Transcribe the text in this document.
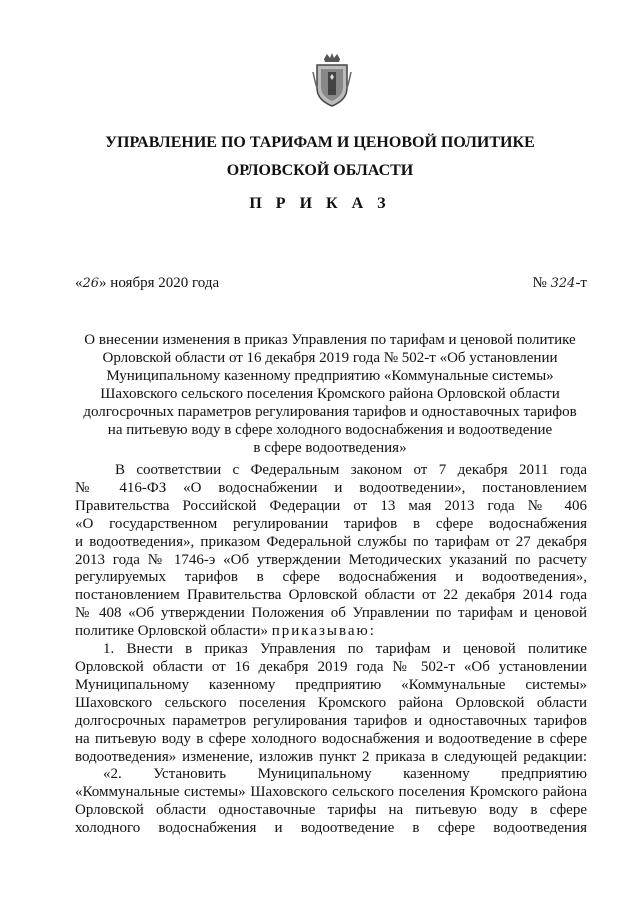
УПРАВЛЕНИЕ ПО ТАРИФАМ И ЦЕНОВОЙ ПОЛИТИКЕ
ОРЛОВСКОЙ ОБЛАСТИ
П Р И К А З
«26» ноября 2020 года	№ 324-т
О внесении изменения в приказ Управления по тарифам и ценовой политике
Орловской области от 16 декабря 2019 года № 502-т «Об установлении
Муниципальному казенному предприятию «Коммунальные системы»
Шаховского сельского поселения Кромского района Орловской области
долгосрочных параметров регулирования тарифов и одноставочных тарифов
на питьевую воду в сфере холодного водоснабжения и водоотведение
в сфере водоотведения»
В соответствии с Федеральным законом от 7 декабря 2011 года
№ 416-ФЗ «О водоснабжении и водоотведении», постановлением
Правительства Российской Федерации от 13 мая 2013 года № 406
«О государственном регулировании тарифов в сфере водоснабжения
и водоотведения», приказом Федеральной службы по тарифам от 27 декабря
2013 года № 1746-э «Об утверждении Методических указаний по расчету
регулируемых тарифов в сфере водоснабжения и водоотведения»,
постановлением Правительства Орловской области от 22 декабря 2014 года
№ 408 «Об утверждении Положения об Управлении по тарифам и ценовой
политике Орловской области» приказываю:
1. Внести в приказ Управления по тарифам и ценовой политике
Орловской области от 16 декабря 2019 года № 502-т «Об установлении
Муниципальному казенному предприятию «Коммунальные системы»
Шаховского сельского поселения Кромского района Орловской области
долгосрочных параметров регулирования тарифов и одноставочных тарифов
на питьевую воду в сфере холодного водоснабжения и водоотведение в сфере
водоотведения» изменение, изложив пункт 2 приказа в следующей редакции:
«2. Установить Муниципальному казенному предприятию
«Коммунальные системы» Шаховского сельского поселения Кромского района
Орловской области одноставочные тарифы на питьевую воду в сфере
холодного водоснабжения и водоотведение в сфере водоотведения
